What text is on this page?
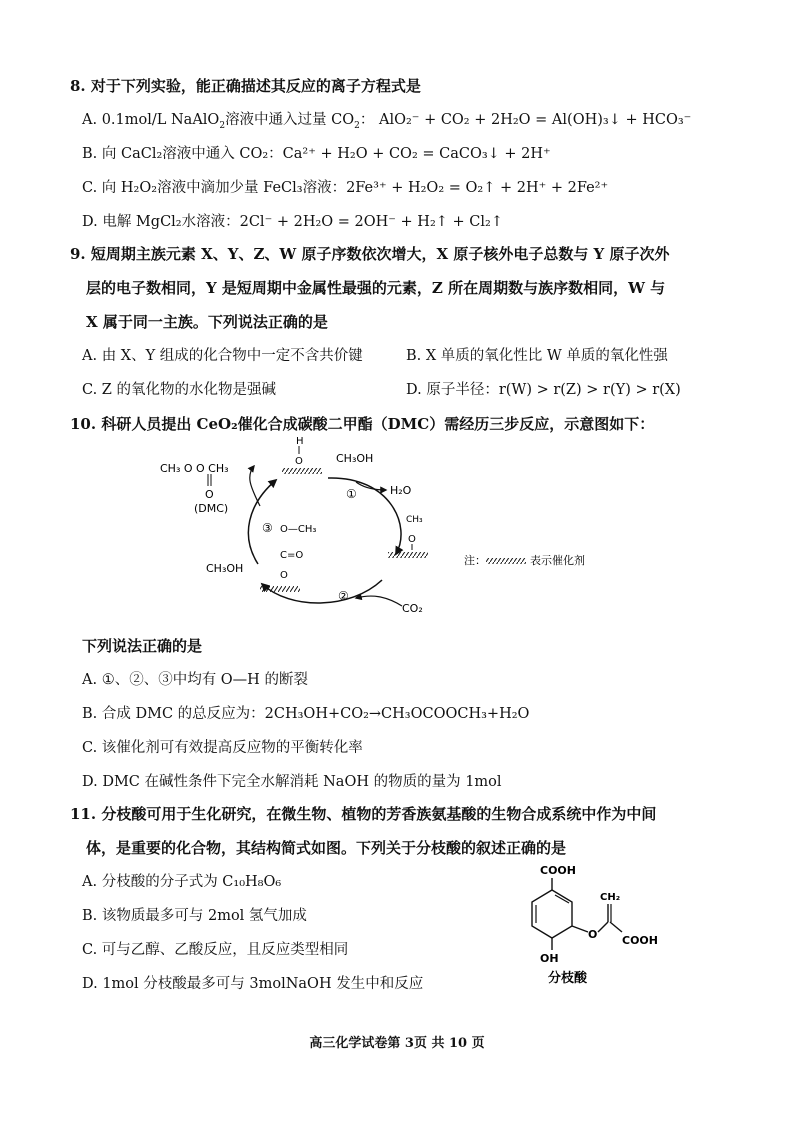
8. 对于下列实验，能正确描述其反应的离子方程式是
A. 0.1mol/L NaAlO$_2$溶液中通入过量 $CO_2$： AlO₂⁻ + CO₂ + 2H₂O = Al(OH)₃↓ + HCO₃⁻
B. 向 CaCl₂溶液中通入 CO₂：Ca²⁺ + H₂O + CO₂ = CaCO₃↓ + 2H⁺
C. 向 H₂O₂溶液中滴加少量 FeCl₃溶液：2Fe³⁺ + H₂O₂ = O₂↑ + 2H⁺ + 2Fe²⁺
D. 电解 MgCl₂水溶液：2Cl⁻ + 2H₂O = 2OH⁻ + H₂↑ + Cl₂↑
9. 短周期主族元素 X、Y、Z、W 原子序数依次增大，X 原子核外电子总数与 Y 原子次外
层的电子数相同，Y 是短周期中金属性最强的元素，Z 所在周期数与族序数相同，W 与
X 属于同一主族。下列说法正确的是
A. 由 X、Y 组成的化合物中一定不含共价键	B. X 单质的氧化性比 W 单质的氧化性强
C. Z 的氧化物的水化物是强碱	D. 原子半径：r(W) > r(Z) > r(Y) > r(X)
10. 科研人员提出 CeO₂催化合成碳酸二甲酯（DMC）需经历三步反应，示意图如下：
CH₃ O O CH₃
O
(DMC)
H
O	CH₃OH
H₂O
①
CH₃
O
O—CH₃
C=O
O
③
CH₃OH
②
CO₂
注：	表示催化剂
下列说法正确的是
A. ①、②、③中均有 O—H 的断裂
B. 合成 DMC 的总反应为：2CH₃OH+CO₂→CH₃OCOOCH₃+H₂O
C. 该催化剂可有效提高反应物的平衡转化率
D. DMC 在碱性条件下完全水解消耗 NaOH 的物质的量为 1mol
11. 分枝酸可用于生化研究，在微生物、植物的芳香族氨基酸的生物合成系统中作为中间
体，是重要的化合物，其结构简式如图。下列关于分枝酸的叙述正确的是
A. 分枝酸的分子式为 C₁₀H₈O₆
B. 该物质最多可与 2mol 氢气加成
C. 可与乙醇、乙酸反应，且反应类型相同
D. 1mol 分枝酸最多可与 3molNaOH 发生中和反应
COOH
O
CH₂
COOH
OH
分枝酸
高三化学试卷第 3页 共 10 页
